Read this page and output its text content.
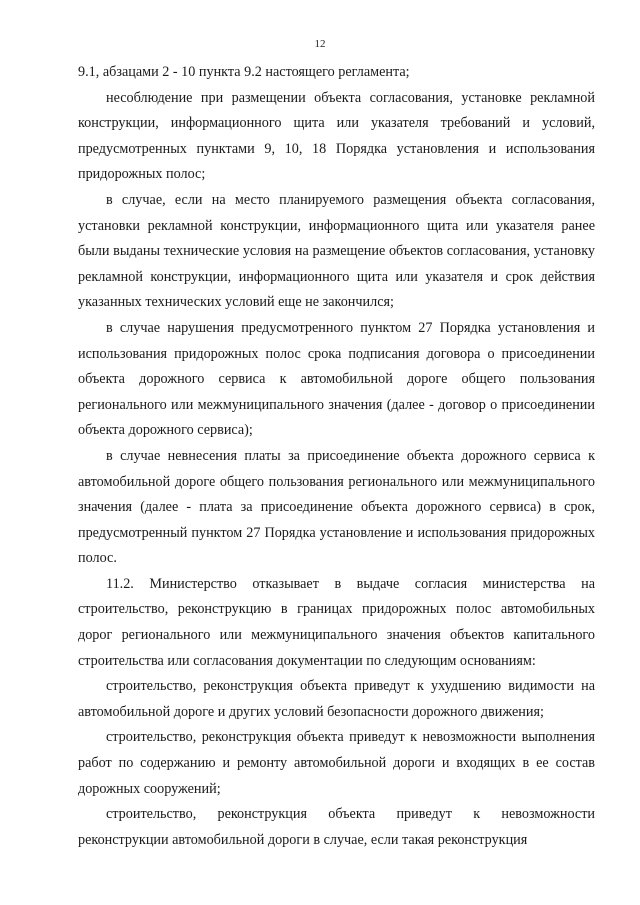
12

9.1, абзацами 2 - 10 пункта 9.2 настоящего регламента;

несоблюдение при размещении объекта согласования, установке рекламной конструкции, информационного щита или указателя требований и условий, предусмотренных пунктами 9, 10, 18 Порядка установления и использования придорожных полос;

в случае, если на место планируемого размещения объекта согласования, установки рекламной конструкции, информационного щита или указателя ранее были выданы технические условия на размещение объектов согласования, установку рекламной конструкции, информационного щита или указателя и срок действия указанных технических условий еще не закончился;

в случае нарушения предусмотренного пунктом 27 Порядка установления и использования придорожных полос срока подписания договора о присоединении объекта дорожного сервиса к автомобильной дороге общего пользования регионального или межмуниципального значения (далее - договор о присоединении объекта дорожного сервиса);

в случае невнесения платы за присоединение объекта дорожного сервиса к автомобильной дороге общего пользования регионального или межмуниципального значения (далее - плата за присоединение объекта дорожного сервиса) в срок, предусмотренный пунктом 27 Порядка установление и использования придорожных полос.

11.2. Министерство отказывает в выдаче согласия министерства на строительство, реконструкцию в границах придорожных полос автомобильных дорог регионального или межмуниципального значения объектов капитального строительства или согласования документации по следующим основаниям:

строительство, реконструкция объекта приведут к ухудшению видимости на автомобильной дороге и других условий безопасности дорожного движения;

строительство, реконструкция объекта приведут к невозможности выполнения работ по содержанию и ремонту автомобильной дороги и входящих в ее состав дорожных сооружений;

строительство, реконструкция объекта приведут к невозможности реконструкции автомобильной дороги в случае, если такая реконструкция
